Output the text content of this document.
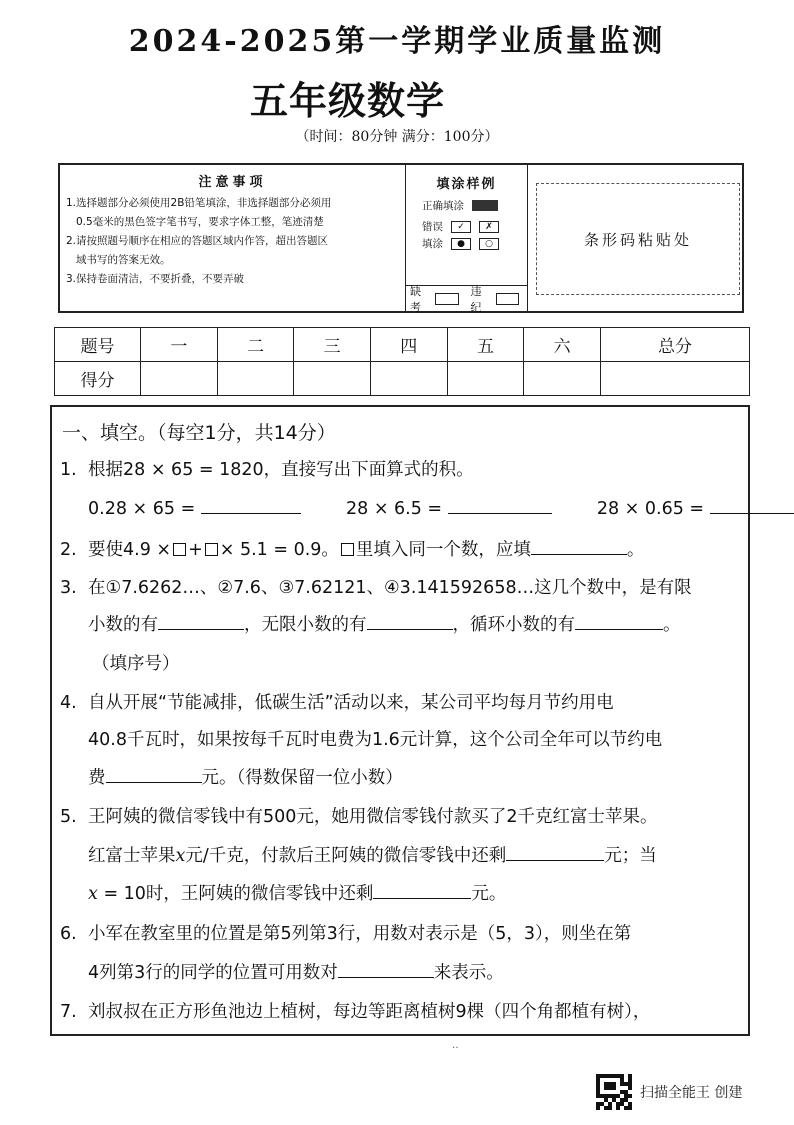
2024-2025第一学期学业质量监测
五年级数学
（时间：80分钟 满分：100分）
注意事项
1.选择题部分必须使用2B铅笔填涂，非选择题部分必须用
0.5毫米的黑色签字笔书写，要求字体工整，笔迹清楚
2.请按照题号顺序在相应的答题区域内作答，超出答题区
域书写的答案无效。
3.保持卷面清洁，不要折叠，不要弄破
填涂样例
正确填涂
错误	✓	✗
填涂	●	○
缺考
违纪
条形码粘贴处
题号	一	二	三	四	五	六	总分
得分							
一、填空。（每空1分，共14分）
1. 根据28 × 65 = 1820，直接写出下面算式的积。
0.28 × 65 =	28 × 6.5 =	28 × 0.65 =
2. 要使4.9 × + × 5.1 = 0.9。 里填入同一个数，应填	。
3. 在①7.6262…、②7.6、③7.62121、④3.141592658…这几个数中，是有限
小数的有	，无限小数的有	，循环小数的有	。
（填序号）
4. 自从开展“节能减排，低碳生活”活动以来，某公司平均每月节约用电
40.8千瓦时，如果按每千瓦时电费为1.6元计算，这个公司全年可以节约电
费	元。（得数保留一位小数）
5. 王阿姨的微信零钱中有500元，她用微信零钱付款买了2千克红富士苹果。
红富士苹果x元/千克，付款后王阿姨的微信零钱中还剩	元；当
x = 10时，王阿姨的微信零钱中还剩	元。
6. 小军在教室里的位置是第5列第3行，用数对表示是（5，3），则坐在第
4列第3行的同学的位置可用数对	来表示。
7. 刘叔叔在正方形鱼池边上植树，每边等距离植树9棵（四个角都植有树），
‥
扫描全能王 创建
